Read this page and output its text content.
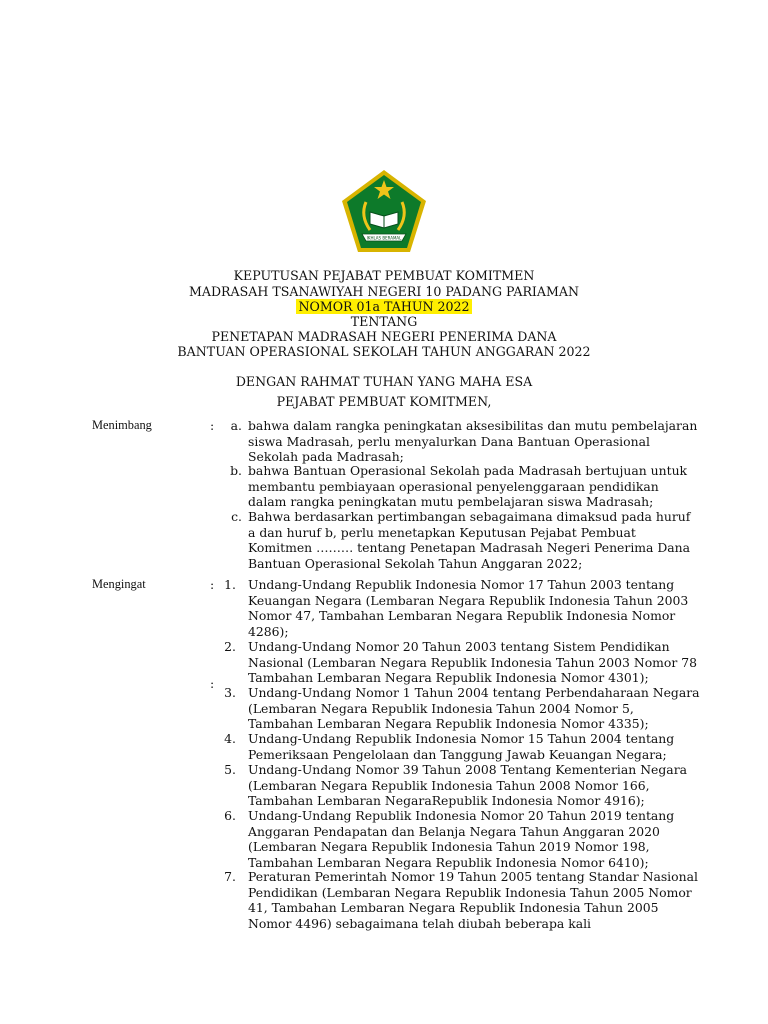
IKHLAS BERAMAL
KEPUTUSAN PEJABAT PEMBUAT KOMITMEN
MADRASAH TSANAWIYAH NEGERI 10 PADANG PARIAMAN
NOMOR 01a TAHUN 2022
TENTANG
PENETAPAN MADRASAH NEGERI PENERIMA DANA
BANTUAN OPERASIONAL SEKOLAH TAHUN ANGGARAN 2022
DENGAN RAHMAT TUHAN YANG MAHA ESA
PEJABAT PEMBUAT KOMITMEN,
Menimbang	:	a. bahwa dalam rangka peningkatan aksesibilitas dan mutu pembelajaran siswa Madrasah, perlu menyalurkan Dana Bantuan Operasional Sekolah pada Madrasah;
b. bahwa Bantuan Operasional Sekolah pada Madrasah bertujuan untuk membantu pembiayaan operasional penyelenggaraan pendidikan dalam rangka peningkatan mutu pembelajaran siswa Madrasah;
c. Bahwa berdasarkan pertimbangan sebagaimana dimaksud pada huruf a dan huruf b, perlu menetapkan Keputusan Pejabat Pembuat Komitmen ……… tentang Penetapan Madrasah Negeri Penerima Dana Bantuan Operasional Sekolah Tahun Anggaran 2022;
Mengingat	:
:
1. Undang-Undang Republik Indonesia Nomor 17 Tahun 2003 tentang Keuangan Negara (Lembaran Negara Republik Indonesia Tahun 2003 Nomor 47, Tambahan Lembaran Negara Republik Indonesia Nomor 4286);
2. Undang-Undang Nomor 20 Tahun 2003 tentang Sistem Pendidikan Nasional (Lembaran Negara Republik Indonesia Tahun 2003 Nomor 78 Tambahan Lembaran Negara Republik Indonesia Nomor 4301);
3. Undang-Undang Nomor 1 Tahun 2004 tentang Perbendaharaan Negara (Lembaran Negara Republik Indonesia Tahun 2004 Nomor 5, Tambahan Lembaran Negara Republik Indonesia Nomor 4335);
4. Undang-Undang Republik Indonesia Nomor 15 Tahun 2004 tentang Pemeriksaan Pengelolaan dan Tanggung Jawab Keuangan Negara;
5. Undang-Undang Nomor 39 Tahun 2008 Tentang Kementerian Negara (Lembaran Negara Republik Indonesia Tahun 2008 Nomor 166, Tambahan Lembaran NegaraRepublik Indonesia Nomor 4916);
6. Undang-Undang Republik Indonesia Nomor 20 Tahun 2019 tentang Anggaran Pendapatan dan Belanja Negara Tahun Anggaran 2020 (Lembaran Negara Republik Indonesia Tahun 2019 Nomor 198, Tambahan Lembaran Negara Republik Indonesia Nomor 6410);
7. Peraturan Pemerintah Nomor 19 Tahun 2005 tentang Standar Nasional Pendidikan (Lembaran Negara Republik Indonesia Tahun 2005 Nomor 41, Tambahan Lembaran Negara Republik Indonesia Tahun 2005 Nomor 4496) sebagaimana telah diubah beberapa kali
